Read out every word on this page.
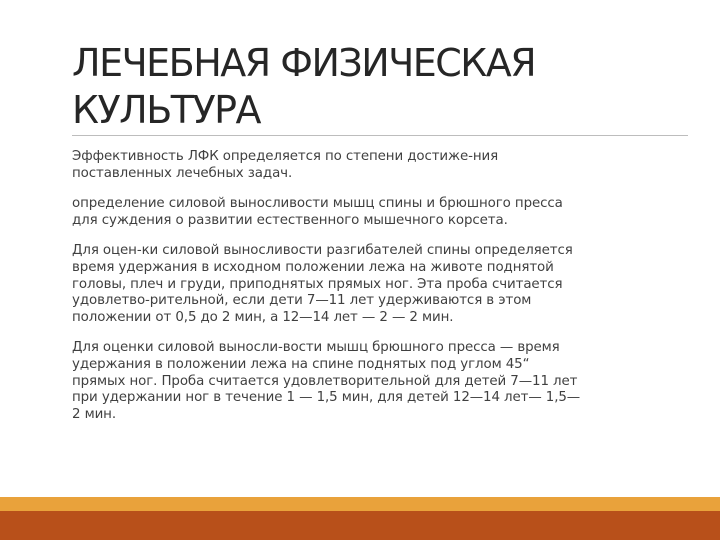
ЛЕЧЕБНАЯ ФИЗИЧЕСКАЯ
КУЛЬТУРА

Эффективность ЛФК определяется по степени достиже-ния
поставленных лечебных задач.

определение силовой выносливости мышц спины и брюшного пресса
для суждения о развитии естественного мышечного корсета.

Для оцен-ки силовой выносливости разгибателей спины определяется
время удержания в исходном положении лежа на животе поднятой
головы, плеч и груди, приподнятых прямых ног. Эта проба считается
удовлетво-рительной, если дети 7—11 лет удерживаются в этом
положении от 0,5 до 2 мин, а 12—14 лет — 2 — 2 мин.

Для оценки силовой выносли-вости мышц брюшного пресса — время
удержания в положении лежа на спине поднятых под углом 45“
прямых ног. Проба считается удовлетворительной для детей 7—11 лет
при удержании ног в течение 1 — 1,5 мин, для детей 12—14 лет— 1,5—
2 мин.
